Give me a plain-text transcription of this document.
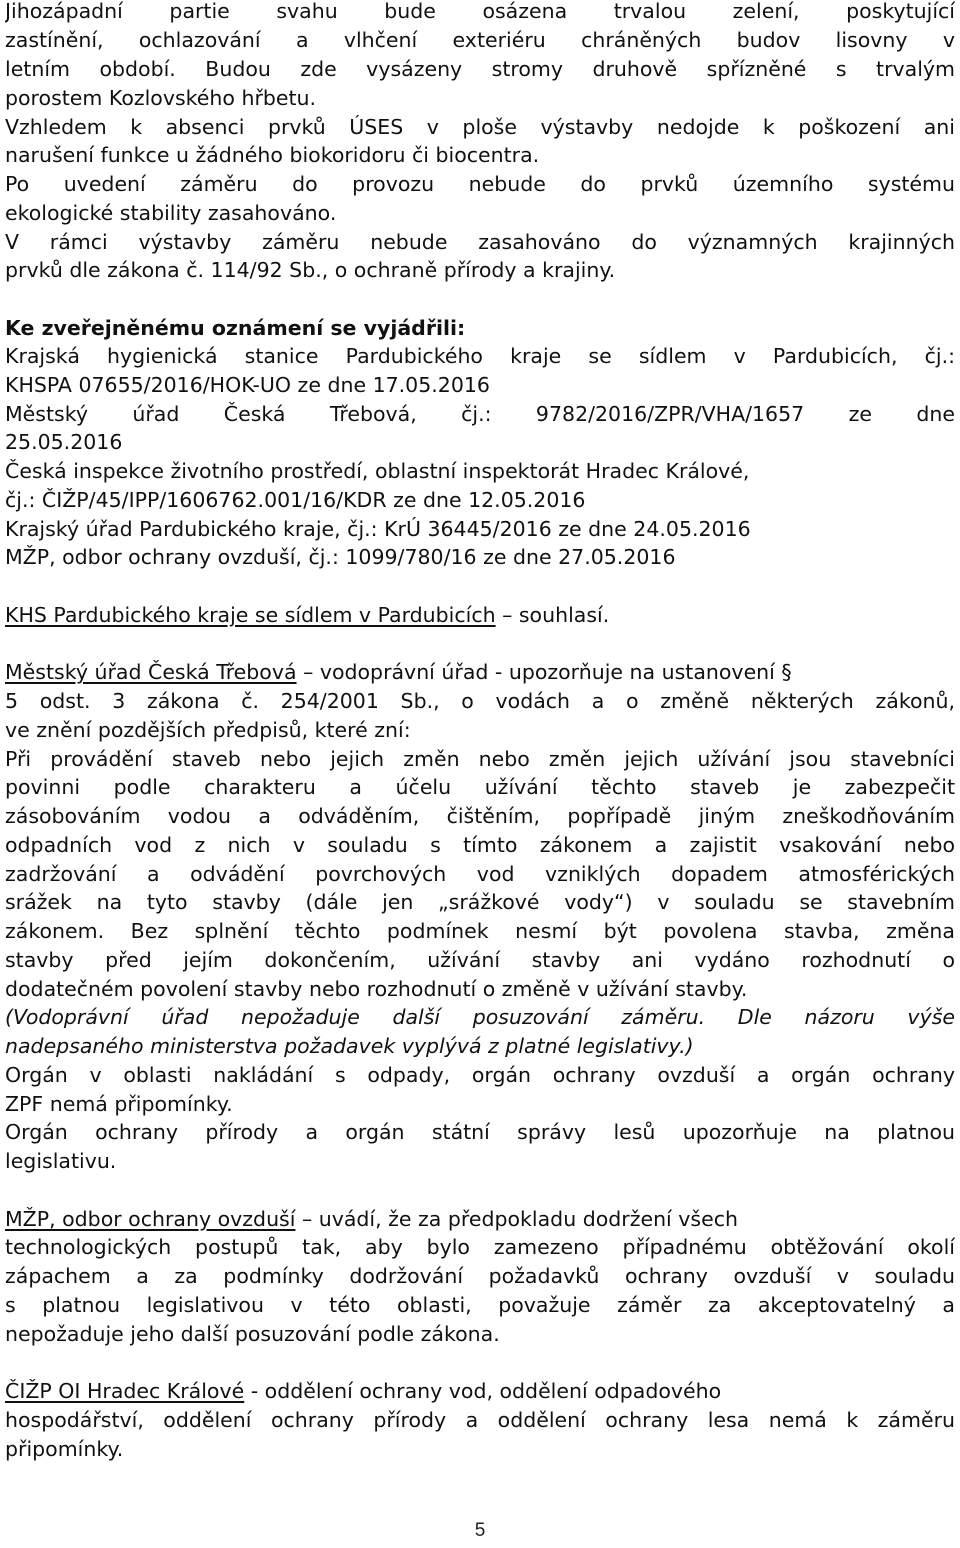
Jihozápadní partie svahu bude osázena trvalou zelení, poskytující
zastínění, ochlazování a vlhčení exteriéru chráněných budov lisovny v
letním období. Budou zde vysázeny stromy druhově spřízněné s trvalým
porostem Kozlovského hřbetu.
Vzhledem k absenci prvků ÚSES v ploše výstavby nedojde k poškození ani
narušení funkce u žádného biokoridoru či biocentra.
Po uvedení záměru do provozu nebude do prvků územního systému
ekologické stability zasahováno.
V rámci výstavby záměru nebude zasahováno do významných krajinných
prvků dle zákona č. 114/92 Sb., o ochraně přírody a krajiny.
Ke zveřejněnému oznámení se vyjádřili:
Krajská hygienická stanice Pardubického kraje se sídlem v Pardubicích, čj.:
KHSPA 07655/2016/HOK-UO ze dne 17.05.2016
Městský úřad Česká Třebová, čj.: 9782/2016/ZPR/VHA/1657 ze dne
25.05.2016
Česká inspekce životního prostředí, oblastní inspektorát Hradec Králové,
čj.: ČIŽP/45/IPP/1606762.001/16/KDR ze dne 12.05.2016
Krajský úřad Pardubického kraje, čj.: KrÚ 36445/2016 ze dne 24.05.2016
MŽP, odbor ochrany ovzduší, čj.: 1099/780/16 ze dne 27.05.2016
KHS Pardubického kraje se sídlem v Pardubicích – souhlasí.
Městský úřad Česká Třebová – vodoprávní úřad - upozorňuje na ustanovení §
5 odst. 3 zákona č. 254/2001 Sb., o vodách a o změně některých zákonů,
ve znění pozdějších předpisů, které zní:
Při provádění staveb nebo jejich změn nebo změn jejich užívání jsou stavebníci
povinni podle charakteru a účelu užívání těchto staveb je zabezpečit
zásobováním vodou a odváděním, čištěním, popřípadě jiným zneškodňováním
odpadních vod z nich v souladu s tímto zákonem a zajistit vsakování nebo
zadržování a odvádění povrchových vod vzniklých dopadem atmosférických
srážek na tyto stavby (dále jen „srážkové vody“) v souladu se stavebním
zákonem. Bez splnění těchto podmínek nesmí být povolena stavba, změna
stavby před jejím dokončením, užívání stavby ani vydáno rozhodnutí o
dodatečném povolení stavby nebo rozhodnutí o změně v užívání stavby.
(Vodoprávní úřad nepožaduje další posuzování záměru. Dle názoru výše
nadepsaného ministerstva požadavek vyplývá z platné legislativy.)
Orgán v oblasti nakládání s odpady, orgán ochrany ovzduší a orgán ochrany
ZPF nemá připomínky.
Orgán ochrany přírody a orgán státní správy lesů upozorňuje na platnou
legislativu.
MŽP, odbor ochrany ovzduší – uvádí, že za předpokladu dodržení všech
technologických postupů tak, aby bylo zamezeno případnému obtěžování okolí
zápachem a za podmínky dodržování požadavků ochrany ovzduší v souladu
s platnou legislativou v této oblasti, považuje záměr za akceptovatelný a
nepožaduje jeho další posuzování podle zákona.
ČIŽP OI Hradec Králové - oddělení ochrany vod, oddělení odpadového
hospodářství, oddělení ochrany přírody a oddělení ochrany lesa nemá k záměru
připomínky.
5
